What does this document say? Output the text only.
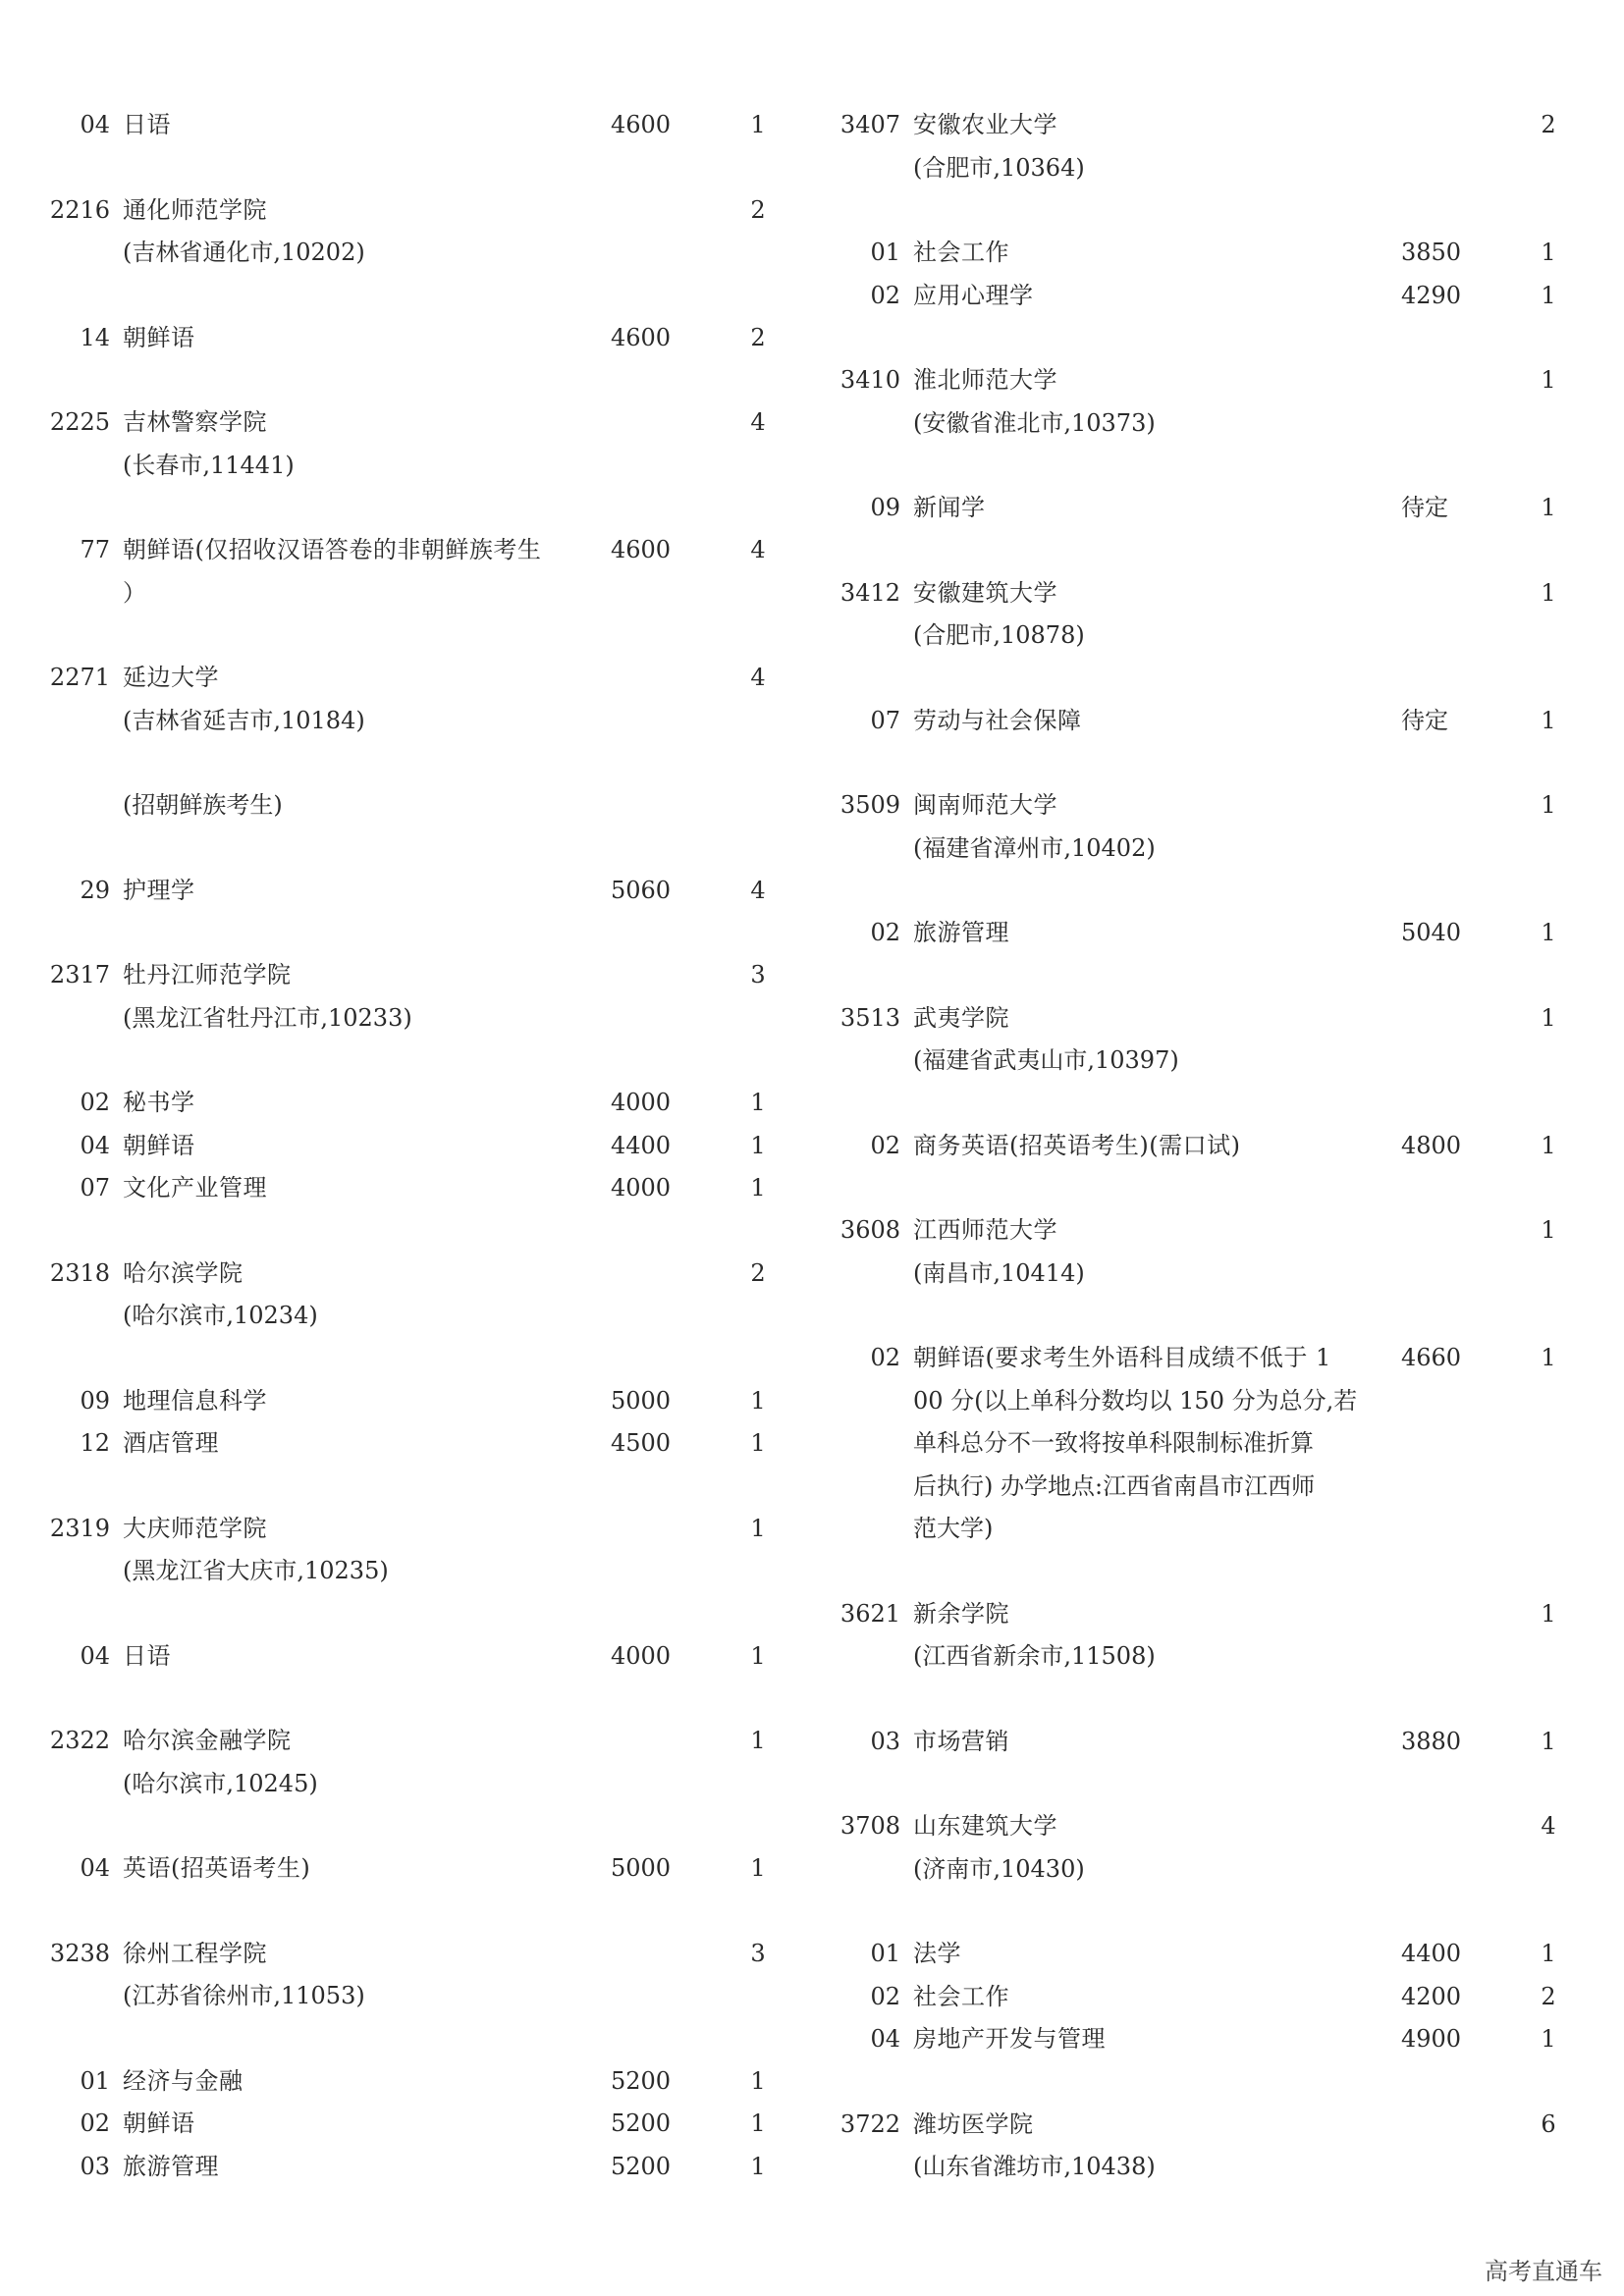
04 日语	4600	1
2216 通化师范学院	2
(吉林省通化市,10202)
14 朝鲜语	4600	2
2225 吉林警察学院	4
(长春市,11441)
77 朝鲜语(仅招收汉语答卷的非朝鲜族考生	4600	4
）
2271 延边大学	4
(吉林省延吉市,10184)
(招朝鲜族考生)
29 护理学	5060	4
2317 牡丹江师范学院	3
(黑龙江省牡丹江市,10233)
02 秘书学	4000	1
04 朝鲜语	4400	1
07 文化产业管理	4000	1
2318 哈尔滨学院	2
(哈尔滨市,10234)
09 地理信息科学	5000	1
12 酒店管理	4500	1
2319 大庆师范学院	1
(黑龙江省大庆市,10235)
04 日语	4000	1
2322 哈尔滨金融学院	1
(哈尔滨市,10245)
04 英语(招英语考生)	5000	1
3238 徐州工程学院	3
(江苏省徐州市,11053)
01 经济与金融	5200	1
02 朝鲜语	5200	1
03 旅游管理	5200	1
3407 安徽农业大学	2
(合肥市,10364)
01 社会工作	3850	1
02 应用心理学	4290	1
3410 淮北师范大学	1
(安徽省淮北市,10373)
09 新闻学	待定	1
3412 安徽建筑大学	1
(合肥市,10878)
07 劳动与社会保障	待定	1
3509 闽南师范大学	1
(福建省漳州市,10402)
02 旅游管理	5040	1
3513 武夷学院	1
(福建省武夷山市,10397)
02 商务英语(招英语考生)(需口试)	4800	1
3608 江西师范大学	1
(南昌市,10414)
02 朝鲜语(要求考生外语科目成绩不低于 1	4660	1
00 分(以上单科分数均以 150 分为总分,若
单科总分不一致将按单科限制标准折算
后执行) 办学地点:江西省南昌市江西师
范大学)
3621 新余学院	1
(江西省新余市,11508)
03 市场营销	3880	1
3708 山东建筑大学	4
(济南市,10430)
01 法学	4400	1
02 社会工作	4200	2
04 房地产开发与管理	4900	1
3722 潍坊医学院	6
(山东省潍坊市,10438)
高考直通车
